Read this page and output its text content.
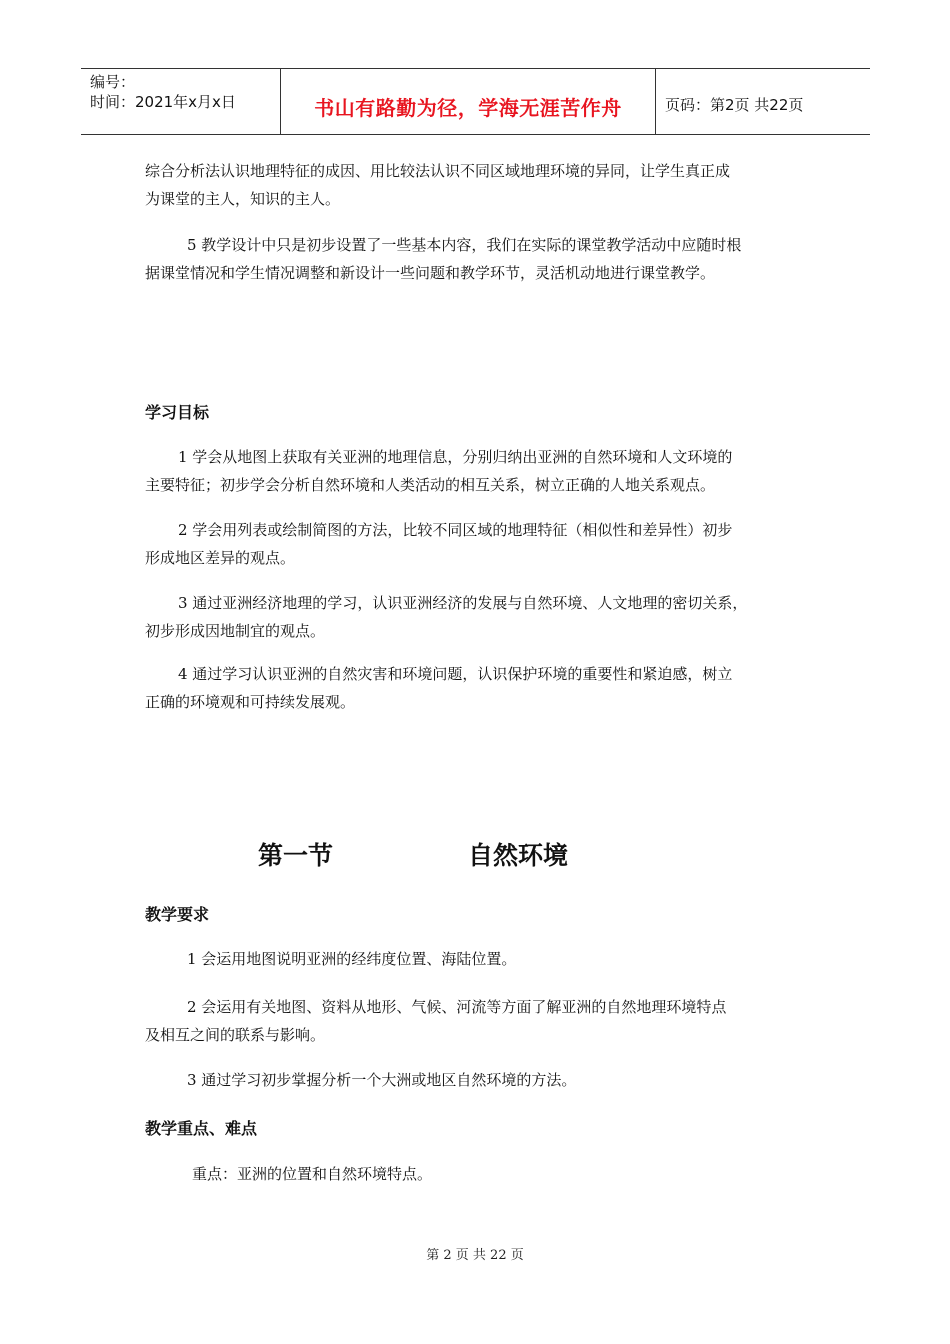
编号：
时间：2021年x月x日	书山有路勤为径，学海无涯苦作舟	页码：第2页 共22页
综合分析法认识地理特征的成因、用比较法认识不同区域地理环境的异同，让学生真正成
为课堂的主人，知识的主人。
5 教学设计中只是初步设置了一些基本内容，我们在实际的课堂教学活动中应随时根
据课堂情况和学生情况调整和新设计一些问题和教学环节，灵活机动地进行课堂教学。
学习目标
1 学会从地图上获取有关亚洲的地理信息，分别归纳出亚洲的自然环境和人文环境的
主要特征；初步学会分析自然环境和人类活动的相互关系，树立正确的人地关系观点。
2 学会用列表或绘制简图的方法，比较不同区域的地理特征（相似性和差异性）初步
形成地区差异的观点。
3 通过亚洲经济地理的学习，认识亚洲经济的发展与自然环境、人文地理的密切关系，
初步形成因地制宜的观点。
4 通过学习认识亚洲的自然灾害和环境问题，认识保护环境的重要性和紧迫感，树立
正确的环境观和可持续发展观。
第一节	自然环境
教学要求
1 会运用地图说明亚洲的经纬度位置、海陆位置。
2 会运用有关地图、资料从地形、气候、河流等方面了解亚洲的自然地理环境特点
及相互之间的联系与影响。
3 通过学习初步掌握分析一个大洲或地区自然环境的方法。
教学重点、难点
重点：亚洲的位置和自然环境特点。
第 2 页 共 22 页
